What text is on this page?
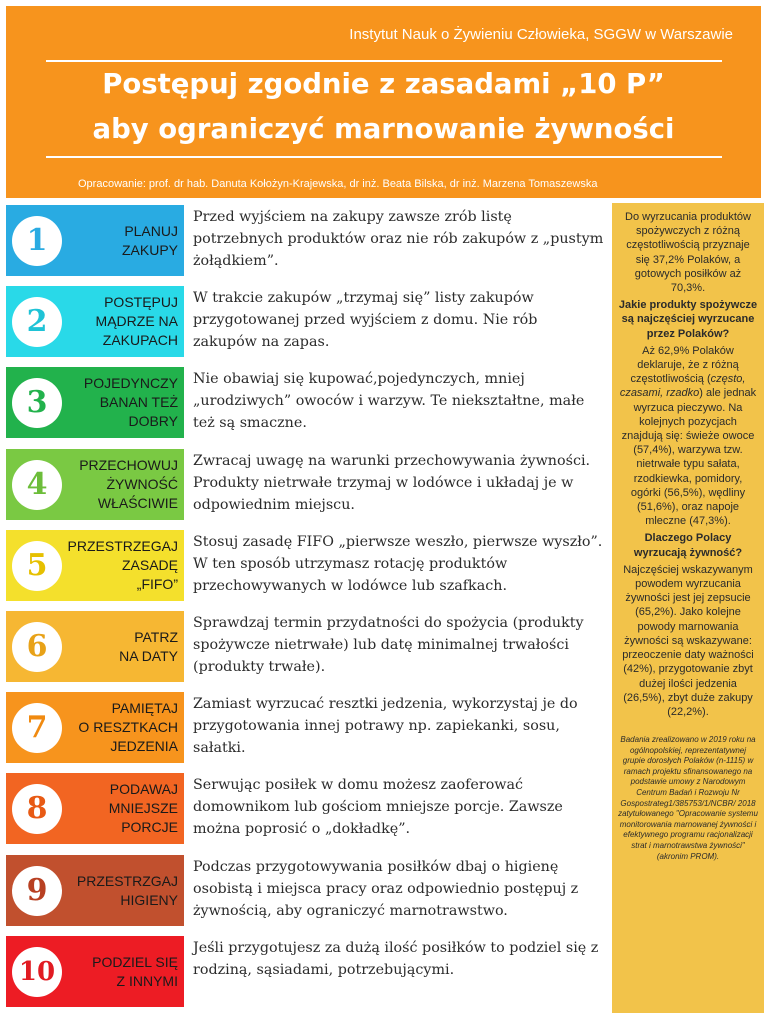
Instytut Nauk o Żywieniu Człowieka, SGGW w Warszawie
Postępuj zgodnie z zasadami „10 P”
aby ograniczyć marnowanie żywności
Opracowanie: prof. dr hab. Danuta Kołożyn-Krajewska, dr inż. Beata Bilska, dr inż. Marzena Tomaszewska
1	PLANUJ
ZAKUPY
Przed wyjściem na zakupy zawsze zrób listę potrzebnych produktów oraz nie rób zakupów z „pustym żołądkiem”.
2
POSTĘPUJ
MĄDRZE NA
ZAKUPACH
W trakcie zakupów „trzymaj się” listy zakupów przygotowanej przed wyjściem z domu. Nie rób zakupów na zapas.
3
POJEDYNCZY
BANAN TEŻ
DOBRY
Nie obawiaj się kupować,pojedynczych, mniej „urodziwych” owoców i warzyw. Te niekształtne, małe też są smaczne.
4
PRZECHOWUJ
ŻYWNOŚĆ
WŁAŚCIWIE
Zwracaj uwagę na warunki przechowywania żywności. Produkty nietrwałe trzymaj w lodówce i układaj je w odpowiednim miejscu.
5
PRZESTRZEGAJ
ZASADĘ
„FIFO”
Stosuj zasadę FIFO „pierwsze weszło, pierwsze wyszło”. W ten sposób utrzymasz rotację produktów przechowywanych w lodówce lub szafkach.
6	PATRZ
NA DATY
Sprawdzaj termin przydatności do spożycia (produkty spożywcze nietrwałe) lub datę minimalnej trwałości (produkty trwałe).
7
PAMIĘTAJ
O RESZTKACH
JEDZENIA
Zamiast wyrzucać resztki jedzenia, wykorzystaj je do przygotowania innej potrawy np. zapiekanki, sosu, sałatki.
8
PODAWAJ
MNIEJSZE
PORCJE
Serwując posiłek w domu możesz zaoferować domownikom lub gościom mniejsze porcje. Zawsze można poprosić o „dokładkę”.
9	PRZESTRZGAJ
HIGIENY
Podczas przygotowywania posiłków dbaj o higienę osobistą i miejsca pracy oraz odpowiednio postępuj z żywnością, aby ograniczyć marnotrawstwo.
10	PODZIEL SIĘ
Z INNYMI
Jeśli przygotujesz za dużą ilość posiłków to podziel się z rodziną, sąsiadami, potrzebującymi.

Do wyrzucania produktów spożywczych z różną częstotliwością przyznaje się 37,2% Polaków, a gotowych posiłków aż 70,3%.

Jakie produkty spożywcze są najczęściej wyrzucane przez Polaków?

Aż 62,9% Polaków deklaruje, że z różną częstotliwością (często, czasami, rzadko) ale jednak wyrzuca pieczywo. Na kolejnych pozycjach znajdują się: świeże owoce (57,4%), warzywa tzw. nietrwałe typu sałata, rzodkiewka, pomidory, ogórki (56,5%), wędliny (51,6%), oraz napoje mleczne (47,3%).

Dlaczego Polacy wyrzucają żywność?

Najczęściej wskazywanym powodem wyrzucania żywności jest jej zepsucie (65,2%). Jako kolejne powody marnowania żywności są wskazywane: przeoczenie daty ważności (42%), przygotowanie zbyt dużej ilości jedzenia (26,5%), zbyt duże zakupy (22,2%).

Badania zrealizowano w 2019 roku na ogólnopolskiej, reprezentatywnej grupie dorosłych Polaków (n-1115) w ramach projektu sfinansowanego na podstawie umowy z Narodowym Centrum Badań i Rozwoju Nr Gospostrateg1/385753/1/NCBR/ 2018 zatytułowanego "Opracowanie systemu monitorowania marnowanej żywności i efektywnego programu racjonalizacji strat i marnotrawstwa żywności" (akronim PROM).
